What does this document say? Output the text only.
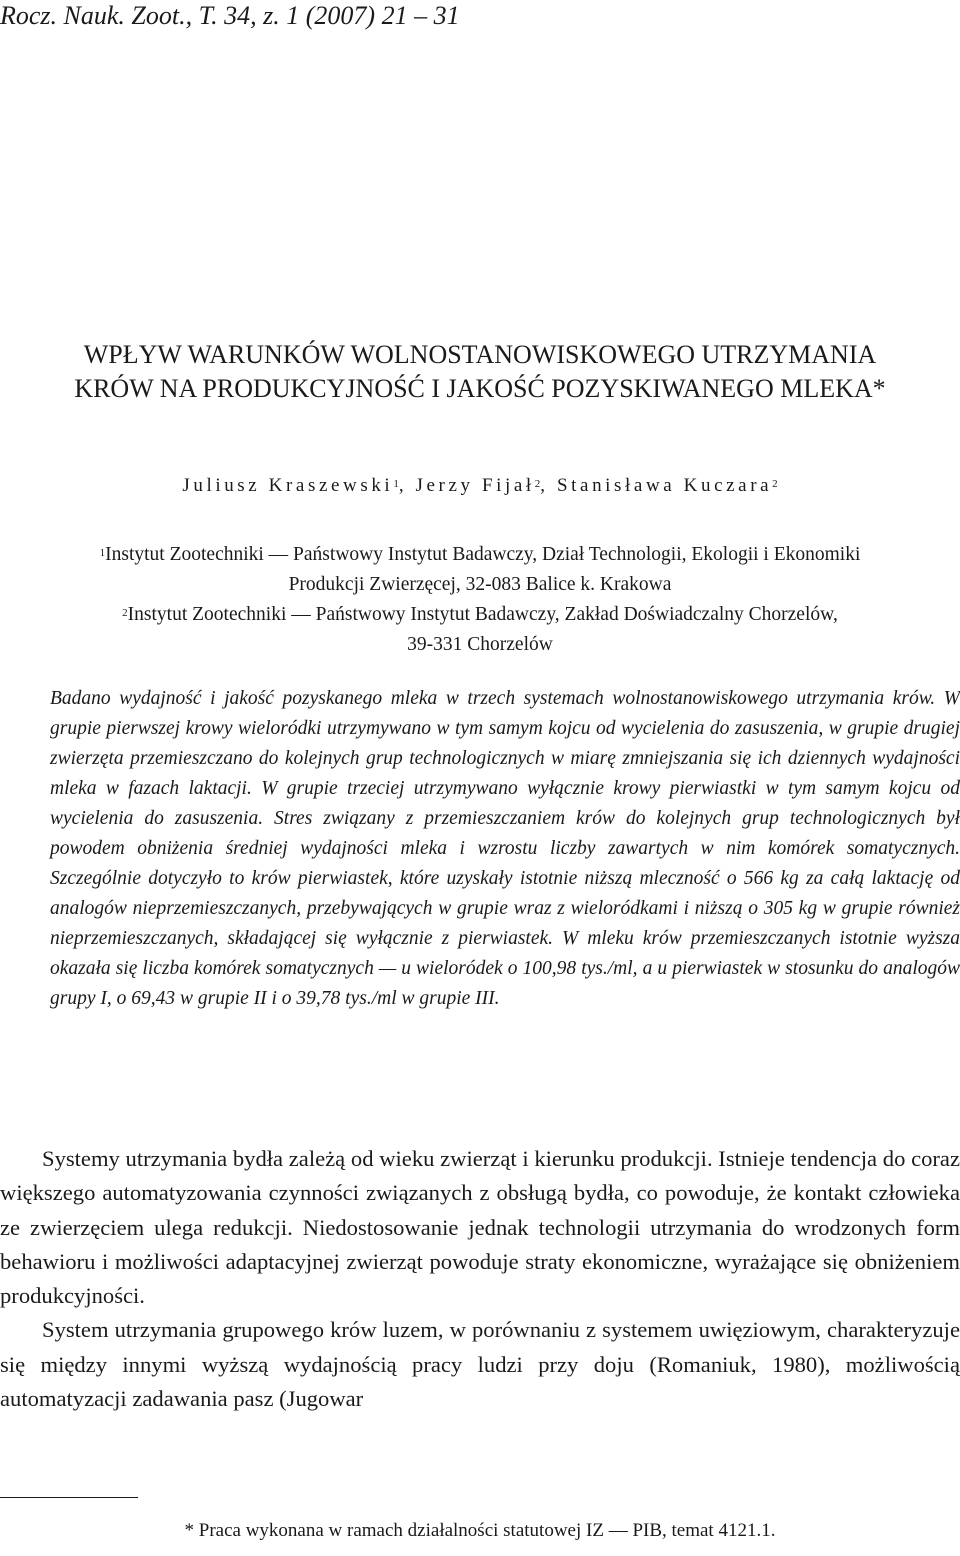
Rocz. Nauk. Zoot., T. 34, z. 1 (2007) 21 – 31
WPŁYW WARUNKÓW WOLNOSTANOWISKOWEGO UTRZYMANIA
KRÓW NA PRODUKCYJNOŚĆ I JAKOŚĆ POZYSKIWANEGO MLEKA*
Juliusz Kraszewski$^1$, Jerzy Fijał$^2$, Stanisława Kuczara$^2$
$^1$Instytut Zootechniki — Państwowy Instytut Badawczy, Dział Technologii, Ekologii i Ekonomiki
Produkcji Zwierzęcej, 32-083 Balice k. Krakowa
$^2$Instytut Zootechniki — Państwowy Instytut Badawczy, Zakład Doświadczalny Chorzelów,
39-331 Chorzelów
Badano wydajność i jakość pozyskanego mleka w trzech systemach wolnostanowiskowego utrzymania krów. W grupie pierwszej krowy wieloródki utrzymywano w tym samym kojcu od wycielenia do zasuszenia, w grupie drugiej zwierzęta przemieszczano do kolejnych grup technologicznych w miarę zmniejszania się ich dziennych wydajności mleka w fazach laktacji. W grupie trzeciej utrzymywano wyłącznie krowy pierwiastki w tym samym kojcu od wycielenia do zasuszenia. Stres związany z przemieszczaniem krów do kolejnych grup technologicznych był powodem obniżenia średniej wydajności mleka i wzrostu liczby zawartych w nim komórek somatycznych. Szczególnie dotyczyło to krów pierwiastek, które uzyskały istotnie niższą mleczność o 566 kg za całą laktację od analogów nieprzemieszczanych, przebywających w grupie wraz z wieloródkami i niższą o 305 kg w grupie również nieprzemieszczanych, składającej się wyłącznie z pierwiastek. W mleku krów przemieszczanych istotnie wyższa okazała się liczba komórek somatycznych — u wieloródek o 100,98 tys./ml, a u pierwiastek w stosunku do analogów grupy I, o 69,43 w grupie II i o 39,78 tys./ml w grupie III.

Systemy utrzymania bydła zależą od wieku zwierząt i kierunku produkcji. Istnieje tendencja do coraz większego automatyzowania czynności związanych z obsługą bydła, co powoduje, że kontakt człowieka ze zwierzęciem ulega redukcji. Niedostosowanie jednak technologii utrzymania do wrodzonych form behawioru i możliwości adaptacyjnej zwierząt powoduje straty ekonomiczne, wyrażające się obniżeniem produkcyjności.

System utrzymania grupowego krów luzem, w porównaniu z systemem uwięziowym, charakteryzuje się między innymi wyższą wydajnością pracy ludzi przy doju (Romaniuk, 1980), możliwością automatyzacji zadawania pasz (Jugowar

* Praca wykonana w ramach działalności statutowej IZ — PIB, temat 4121.1.
